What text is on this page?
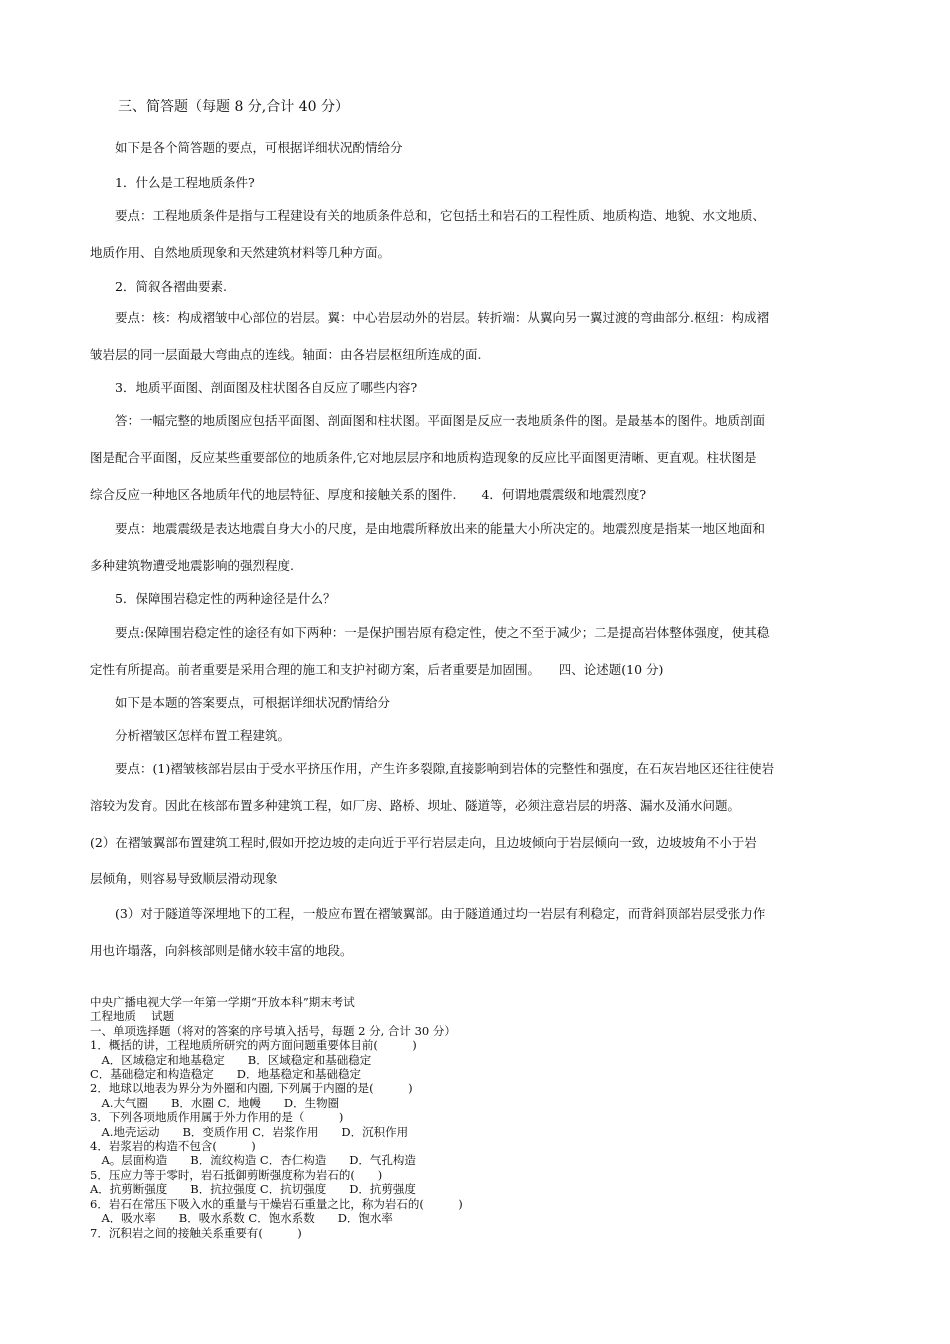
　　三、简答题（每题 8 分,合计 40 分）
　　如下是各个简答题的要点，可根据详细状况酌情给分
　　1．什么是工程地质条件?
　　要点：工程地质条件是指与工程建设有关的地质条件总和，它包括土和岩石的工程性质、地质构造、地貌、水文地质、
地质作用、自然地质现象和天然建筑材料等几种方面。
　　2．简叙各褶曲要素.
　　要点：核：构成褶皱中心部位的岩层。翼：中心岩层动外的岩层。转折端：从翼向另一翼过渡的弯曲部分.枢纽：构成褶
皱岩层的同一层面最大弯曲点的连线。轴面：由各岩层枢纽所连成的面.
　　3．地质平面图、剖面图及柱状图各自反应了哪些内容?
　　答：一幅完整的地质图应包括平面图、剖面图和柱状图。平面图是反应一表地质条件的图。是最基本的图件。地质剖面
图是配合平面图，反应某些重要部位的地质条件,它对地层层序和地质构造现象的反应比平面图更清晰、更直观。柱状图是
综合反应一种地区各地质年代的地层特征、厚度和接触关系的图件.　　4．何谓地震震级和地震烈度?
　　要点：地震震级是表达地震自身大小的尺度，是由地震所释放出来的能量大小所决定的。地震烈度是指某一地区地面和
多种建筑物遭受地震影响的强烈程度.
　　5．保障围岩稳定性的两种途径是什么？
　　要点:保障围岩稳定性的途径有如下两种：一是保护围岩原有稳定性，使之不至于减少；二是提高岩体整体强度，使其稳
定性有所提高。前者重要是采用合理的施工和支护衬砌方案，后者重要是加固围。　　四、论述题(10 分)
　　如下是本题的答案要点，可根据详细状况酌情给分
　　分析褶皱区怎样布置工程建筑。
　　要点：(1)褶皱核部岩层由于受水平挤压作用，产生许多裂隙,直接影响到岩体的完整性和强度，在石灰岩地区还往往使岩
溶较为发育。因此在核部布置多种建筑工程，如厂房、路桥、坝址、隧道等，必须注意岩层的坍落、漏水及涌水问题。
(2）在褶皱翼部布置建筑工程时,假如开挖边坡的走向近于平行岩层走向，且边坡倾向于岩层倾向一致，边坡坡角不小于岩
层倾角，则容易导致顺层滑动现象
　　(3）对于隧道等深埋地下的工程，一般应布置在褶皱翼部。由于隧道通过均一岩层有利稳定，而背斜顶部岩层受张力作
用也许塌落，向斜核部则是储水较丰富的地段。
中央广播电视大学一年第一学期“开放本科”期末考试
工程地质　 试题
一、单项选择题（将对的答案的序号填入括号，每题 2 分, 合计 30 分）
1．概括的讲，工程地质所研究的两方面问题重要体目前(　　　)
　A．区域稳定和地基稳定　　B．区域稳定和基础稳定
C．基础稳定和构造稳定　　D．地基稳定和基础稳定
2．地球以地表为界分为外圈和内圈, 下列属于内圈的是(　　　)
　A.大气圈　　B．水圈 C．地幔　　D．生物圈
3．下列各项地质作用属于外力作用的是（　　　)
　A.地壳运动　　B．变质作用 C．岩浆作用　　D．沉积作用
4．岩浆岩的构造不包含(　　　)
　A。层面构造　　B．流纹构造 C．杏仁构造　　D．气孔构造
5．压应力等于零时，岩石抵御剪断强度称为岩石的(　　)
A．抗剪断强度　　B．抗拉强度 C．抗切强度　　D．抗剪强度
6．岩石在常压下吸入水的重量与干燥岩石重量之比，称为岩石的(　　　)
　A．吸水率　　B．吸水系数 C．饱水系数　　D．饱水率
7．沉积岩之间的接触关系重要有(　　　)
